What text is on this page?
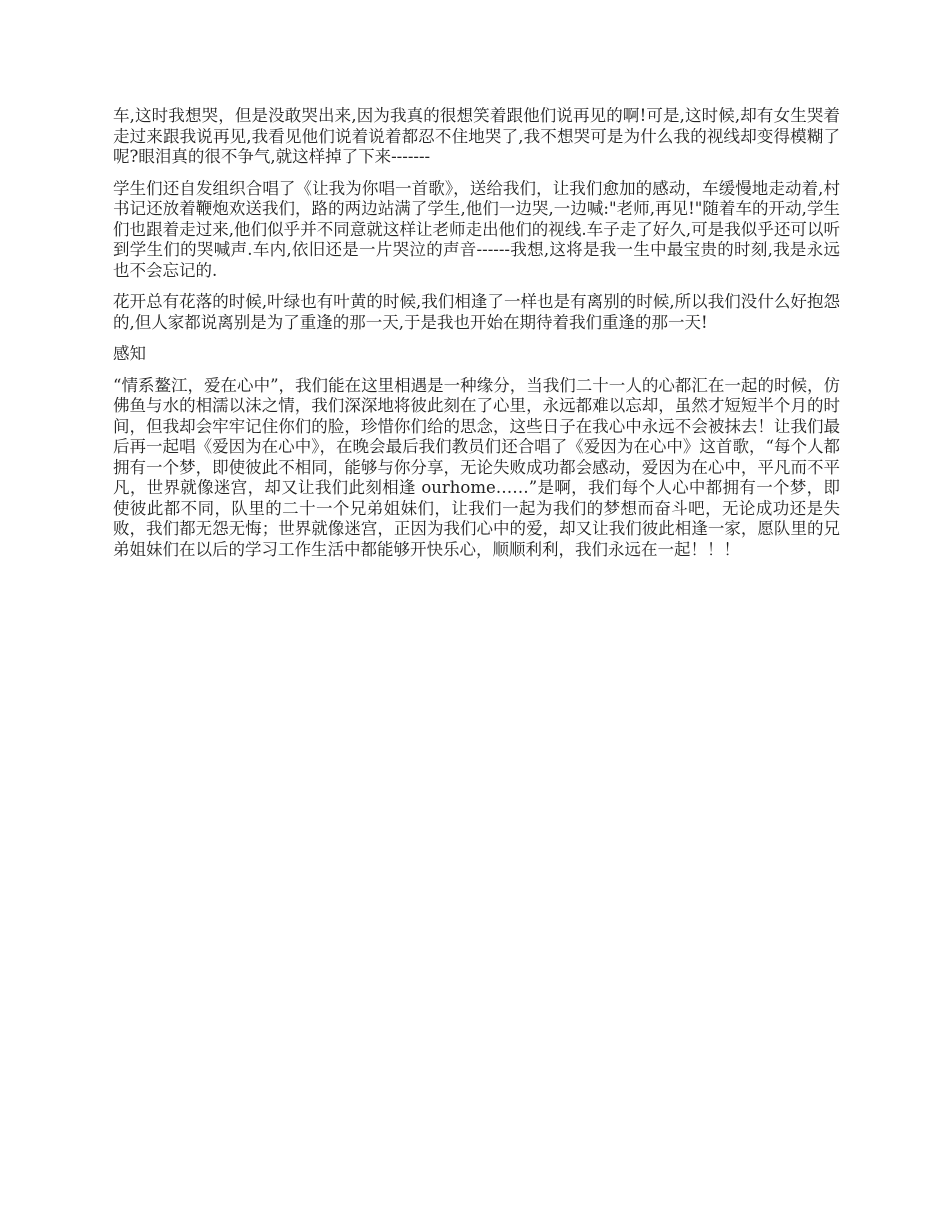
车,这时我想哭，但是没敢哭出来,因为我真的很想笑着跟他们说再见的啊!可是,这时候,却有女生哭着走过来跟我说再见,我看见他们说着说着都忍不住地哭了,我不想哭可是为什么我的视线却变得模糊了呢?眼泪真的很不争气,就这样掉了下来-------

学生们还自发组织合唱了《让我为你唱一首歌》，送给我们，让我们愈加的感动，车缓慢地走动着,村书记还放着鞭炮欢送我们，路的两边站满了学生,他们一边哭,一边喊:"老师,再见!"随着车的开动,学生们也跟着走过来,他们似乎并不同意就这样让老师走出他们的视线.车子走了好久,可是我似乎还可以听到学生们的哭喊声.车内,依旧还是一片哭泣的声音------我想,这将是我一生中最宝贵的时刻,我是永远也不会忘记的.

花开总有花落的时候,叶绿也有叶黄的时候,我们相逢了一样也是有离别的时候,所以我们没什么好抱怨的,但人家都说离别是为了重逢的那一天,于是我也开始在期待着我们重逢的那一天!

感知

“情系鳌江，爱在心中”，我们能在这里相遇是一种缘分，当我们二十一人的心都汇在一起的时候，仿佛鱼与水的相濡以沫之情，我们深深地将彼此刻在了心里，永远都难以忘却，虽然才短短半个月的时间，但我却会牢牢记住你们的脸，珍惜你们给的思念，这些日子在我心中永远不会被抹去！让我们最后再一起唱《爱因为在心中》，在晚会最后我们教员们还合唱了《爱因为在心中》这首歌，“每个人都拥有一个梦，即使彼此不相同，能够与你分享，无论失败成功都会感动，爱因为在心中，平凡而不平凡，世界就像迷宫，却又让我们此刻相逢 ourhome……”是啊，我们每个人心中都拥有一个梦，即使彼此都不同，队里的二十一个兄弟姐妹们，让我们一起为我们的梦想而奋斗吧，无论成功还是失败，我们都无怨无悔；世界就像迷宫，正因为我们心中的爱，却又让我们彼此相逢一家，愿队里的兄弟姐妹们在以后的学习工作生活中都能够开快乐心，顺顺利利，我们永远在一起！！！
